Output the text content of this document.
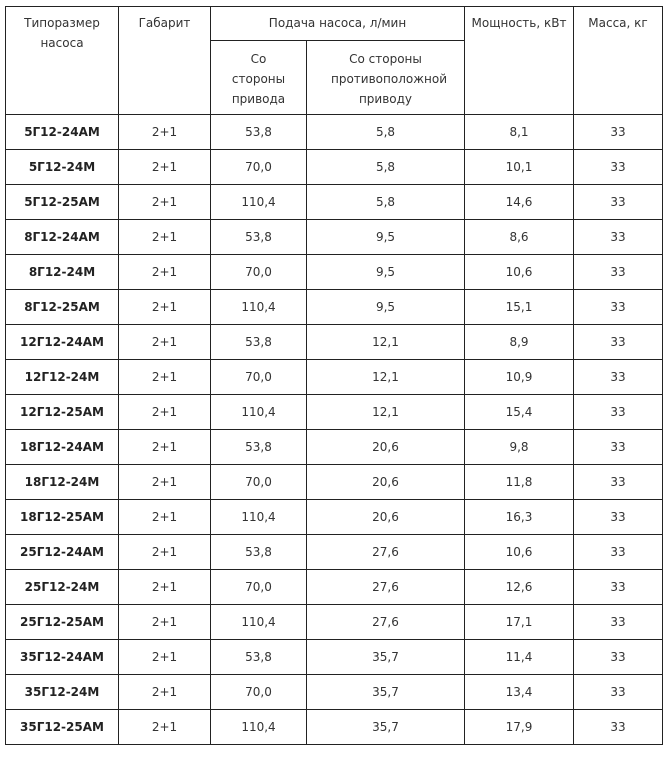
Типоразмер насоса	Габарит	Подача насоса, л/мин		Мощность, кВт	Масса, кг
		Со стороны привода	Со стороны противоположной приводу		
5Г12-24АМ	2+1	53,8	5,8	8,1	33
5Г12-24М	2+1	70,0	5,8	10,1	33
5Г12-25АМ	2+1	110,4	5,8	14,6	33
8Г12-24АМ	2+1	53,8	9,5	8,6	33
8Г12-24М	2+1	70,0	9,5	10,6	33
8Г12-25АМ	2+1	110,4	9,5	15,1	33
12Г12-24АМ	2+1	53,8	12,1	8,9	33
12Г12-24М	2+1	70,0	12,1	10,9	33
12Г12-25АМ	2+1	110,4	12,1	15,4	33
18Г12-24АМ	2+1	53,8	20,6	9,8	33
18Г12-24М	2+1	70,0	20,6	11,8	33
18Г12-25АМ	2+1	110,4	20,6	16,3	33
25Г12-24АМ	2+1	53,8	27,6	10,6	33
25Г12-24М	2+1	70,0	27,6	12,6	33
25Г12-25АМ	2+1	110,4	27,6	17,1	33
35Г12-24АМ	2+1	53,8	35,7	11,4	33
35Г12-24М	2+1	70,0	35,7	13,4	33
35Г12-25АМ	2+1	110,4	35,7	17,9	33
